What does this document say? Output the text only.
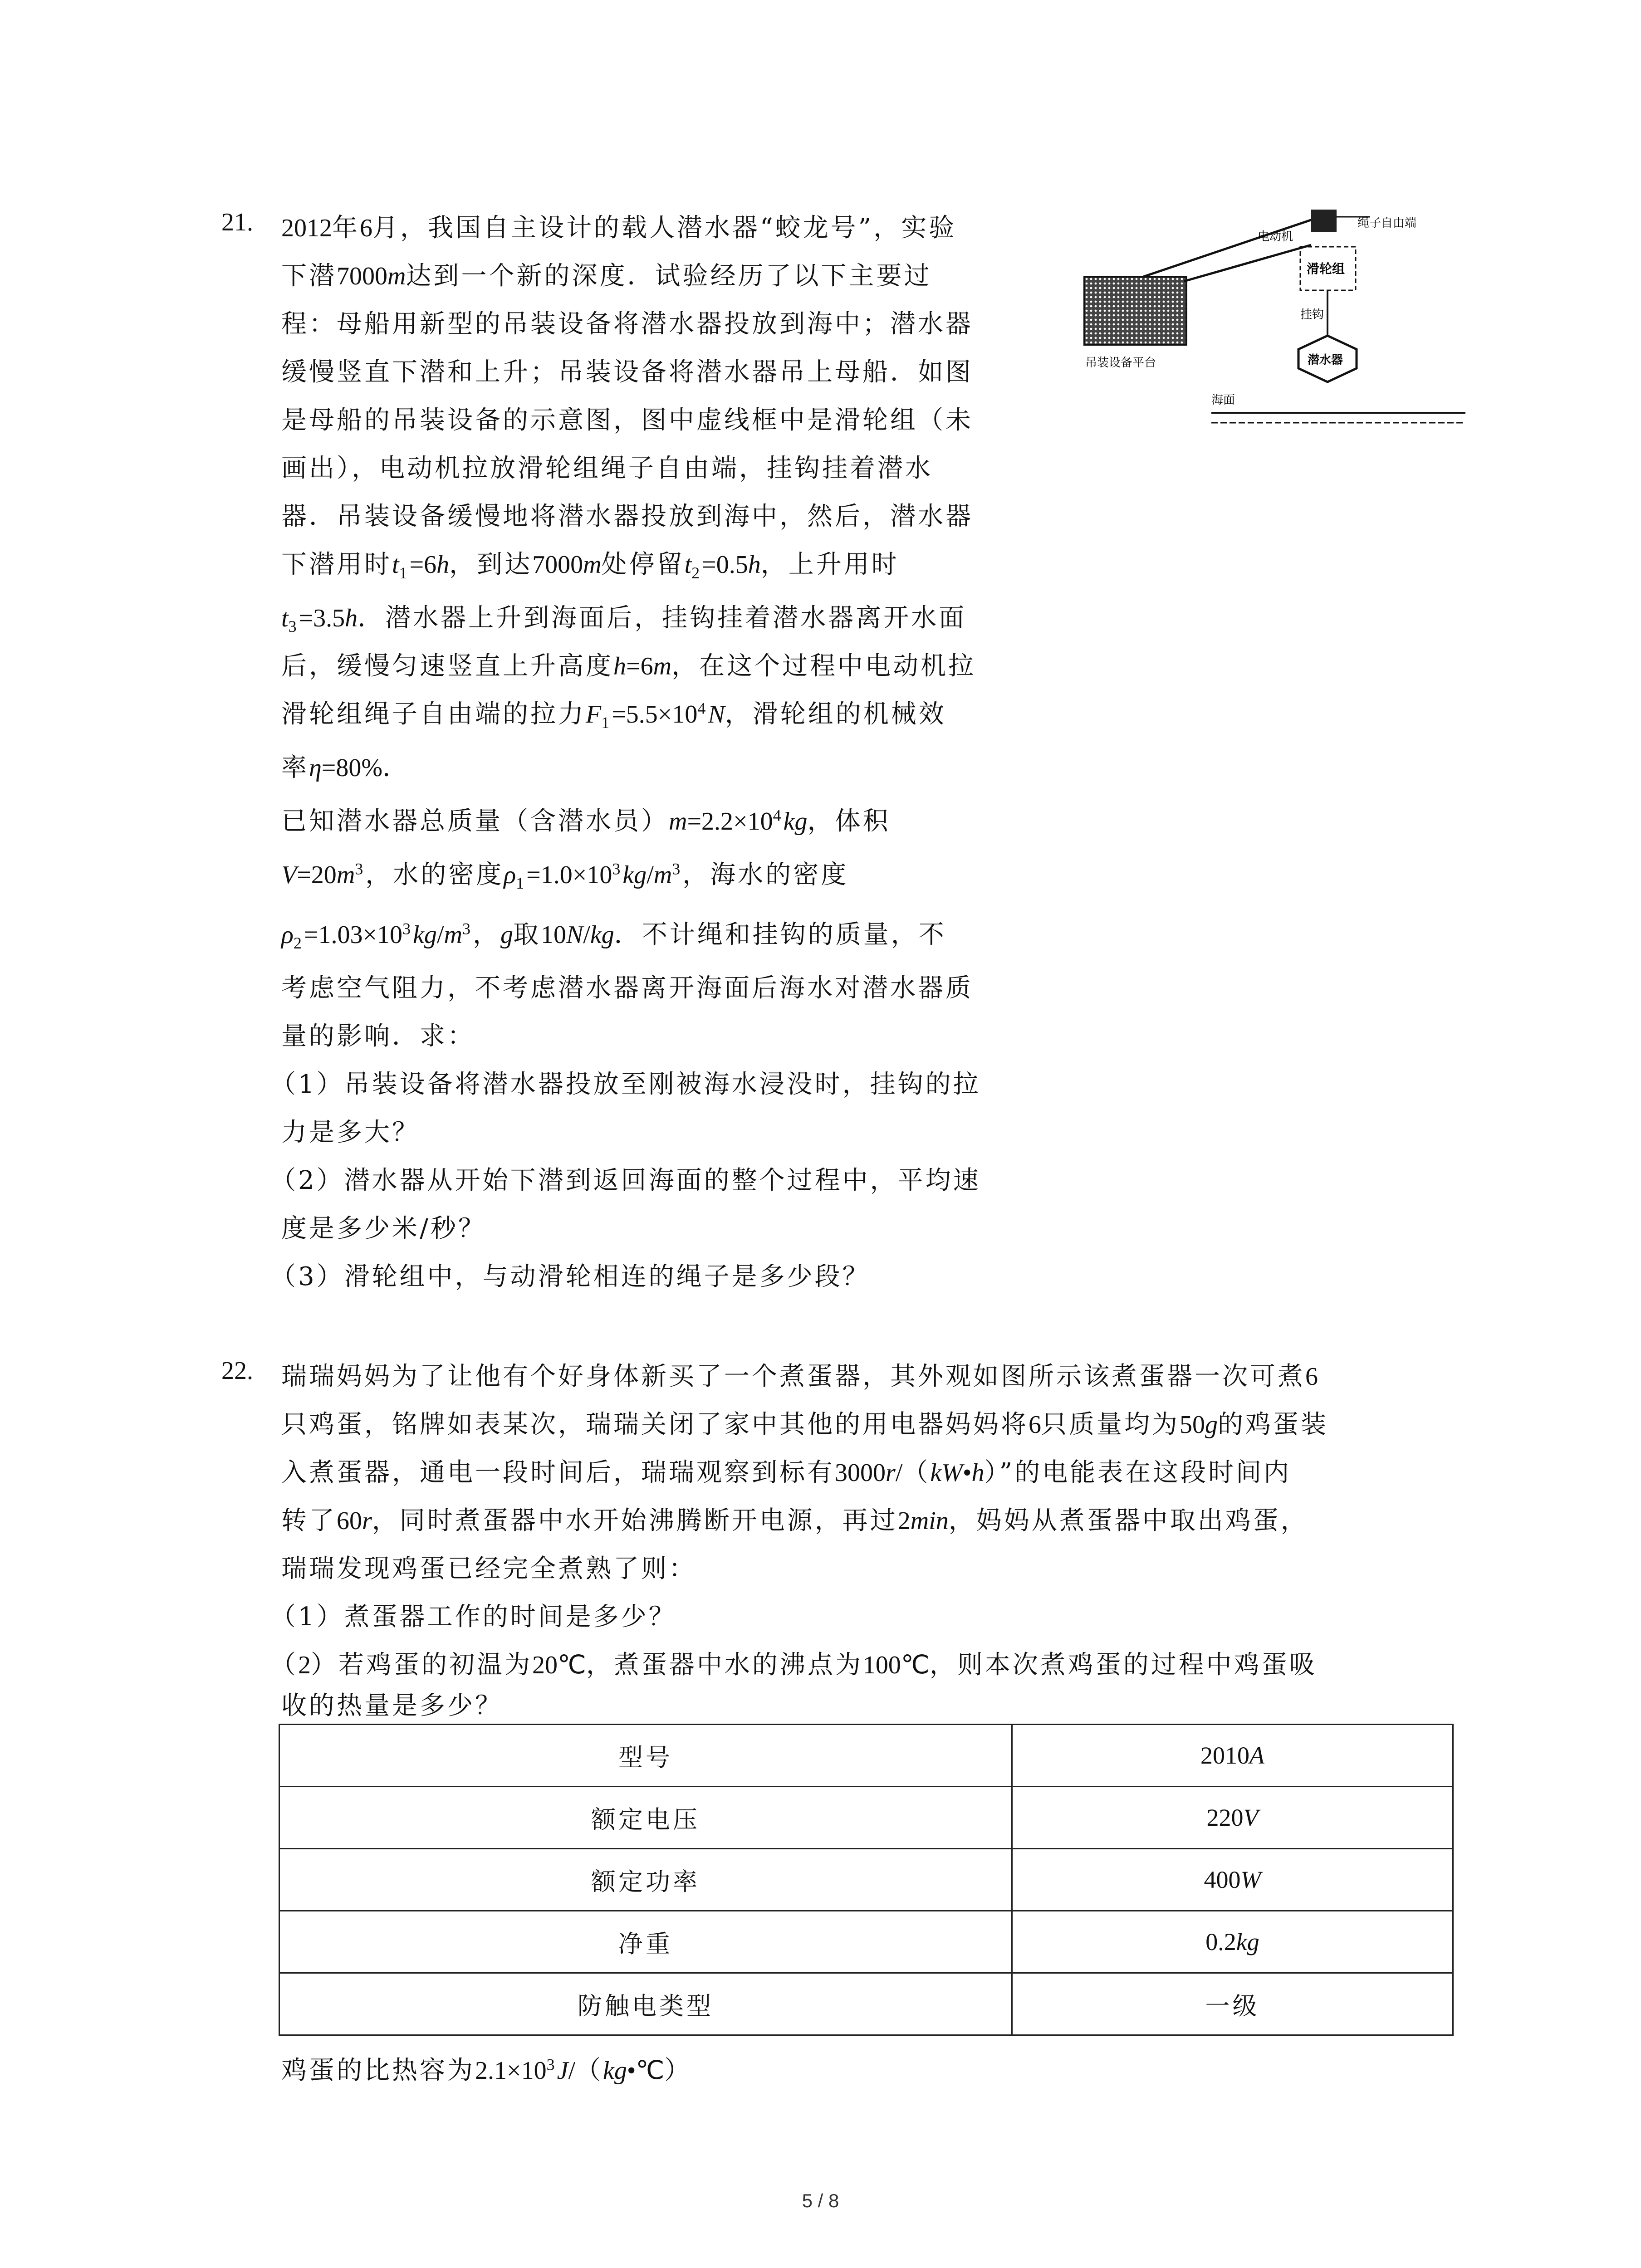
21. 2012年6月，我国自主设计的载人潜水器“蛟龙号”，实验
下潜7000m达到一个新的深度．试验经历了以下主要过
程：母船用新型的吊装设备将潜水器投放到海中；潜水器
缓慢竖直下潜和上升；吊装设备将潜水器吊上母船．如图
是母船的吊装设备的示意图，图中虚线框中是滑轮组（未
画出），电动机拉放滑轮组绳子自由端，挂钩挂着潜水
器．吊装设备缓慢地将潜水器投放到海中，然后，潜水器
下潜用时$t_1=6h$，到达7000m处停留$t_2=0.5h$，上升用时
$t_3=3.5h$．潜水器上升到海面后，挂钩挂着潜水器离开水面
后，缓慢匀速竖直上升高度h=6m，在这个过程中电动机拉
滑轮组绳子自由端的拉力$F_1=5.5\times 10^4N$，滑轮组的机械效
率η=80%．
已知潜水器总质量（含潜水员）$m=2.2\times 10^4kg$，体积
$V=20m^3$，水的密度$\rho_1=1.0\times 10^3kg/m^3$，海水的密度
$\rho_2=1.03\times 10^3kg/m^3$，g取10N/kg．不计绳和挂钩的质量，不
考虑空气阻力，不考虑潜水器离开海面后海水对潜水器质
量的影响．求：
（1）吊装设备将潜水器投放至刚被海水浸没时，挂钩的拉
力是多大？
（2）潜水器从开始下潜到返回海面的整个过程中，平均速
度是多少米/秒？
（3）滑轮组中，与动滑轮相连的绳子是多少段？
吊装设备平台
电动机
绳子自由端
滑轮组
挂钩
潜水器
海面
22. 瑞瑞妈妈为了让他有个好身体新买了一个煮蛋器，其外观如图所示该煮蛋器一次可煮6
只鸡蛋，铭牌如表某次，瑞瑞关闭了家中其他的用电器妈妈将6只质量均为50g的鸡蛋装
入煮蛋器，通电一段时间后，瑞瑞观察到标有3000r/（kW•h）”的电能表在这段时间内
转了60r，同时煮蛋器中水开始沸腾断开电源，再过2min，妈妈从煮蛋器中取出鸡蛋，
瑞瑞发现鸡蛋已经完全煮熟了则：
（1）煮蛋器工作的时间是多少？
（2）若鸡蛋的初温为20℃，煮蛋器中水的沸点为100℃，则本次煮鸡蛋的过程中鸡蛋吸
收的热量是多少？
型号	2010A
额定电压	220V
额定功率	400W
净重	0.2kg
防触电类型	一级
鸡蛋的比热容为$2.1\times 10^3J/(kg•℃)$
5 / 8
